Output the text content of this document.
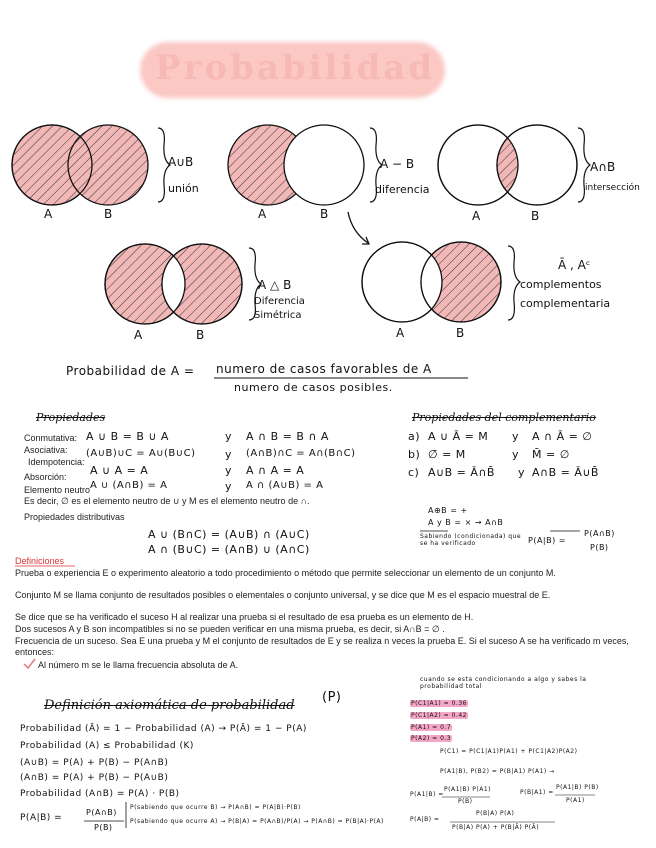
Probabilidad
A	B
A∪B
unión
A	B
A − B
diferencia
A	B
A∩B
intersección
A	B
A △ B
Diferencia
Simétrica
A	B
Ā , Aᶜ
complementos
complementaria
Probabilidad de A = numero de casos favorables de A
numero de casos posibles.
Propiedades
Conmutativa: A ∪ B = B ∪ A	y A ∩ B = B ∩ A
Asociativa: (A∪B)∪C = A∪(B∪C)	y (A∩B)∩C = A∩(B∩C)
Idempotencia:
A ∪ A = A	y A ∩ A = A
Absorción:
A ∪ (A∩B) = A	y A ∩ (A∪B) = A
Elemento neutro
Es decir, ∅ es el elemento neutro de ∪ y M es el elemento neutro de ∩.
Propiedades distributivas
A ∪ (B∩C) = (A∪B) ∩ (A∪C)
A ∩ (B∪C) = (A∩B) ∪ (A∩C)
Propiedades del complementario
a) A ∪ Ā = M y A ∩ Ā = ∅
b) ∅̄ = M	y M̄ = ∅
c) A∪B = Ā∩B̄ y A∩B = Ā∪B̄
A⊕B = +
A y B = × → A∩B
Sabiendo (condicionada) que se ha verificado	P(A|B) =
P(A∩B)
P(B)
Definiciones
Prueba o experiencia E o experimento aleatorio a todo procedimiento o método que permite seleccionar un elemento de un conjunto M.
Conjunto M se llama conjunto de resultados posibles o elementales o conjunto universal, y se dice que M es el espacio muestral de E.
Se dice que se ha verificado el suceso H al realizar una prueba si el resultado de esa prueba es un elemento de H.
Dos sucesos A y B son incompatibles si no se pueden verificar en una misma prueba, es decir, si A∩B = ∅ .
Frecuencia de un suceso. Sea E una prueba y M el conjunto de resultados de E y se realiza n veces la prueba E. Si el suceso A se ha verificado m veces, entonces:
Al número m se le llama frecuencia absoluta de A.
Definición axiomática de probabilidad
(P)
Probabilidad (Ā) = 1 − Probabilidad (A) → P(Ā) = 1 − P(A)
Probabilidad (A) ≤ Probabilidad (K)
(A∪B) = P(A) + P(B) − P(A∩B)
(A∩B) = P(A) + P(B) − P(A∪B)
Probabilidad (A∩B) = P(A) · P(B)
P(A|B) =
P(A∩B)
P(B)
P(sabiendo que ocurre B) → P(A∩B) = P(A|B)·P(B)
P(sabiendo que ocurre A) → P(B|A) = P(A∩B)/P(A) → P(A∩B) = P(B|A)·P(A)
cuando se esta condicionando a algo y sabes la probabilidad total
P(C1|A1) = 0.36
P(C1|A2) = 0.42
P(A1) = 0.7
P(A2) = 0.3
P(C1) = P(C1|A1)P(A1) + P(C1|A2)P(A2)
P(A1|B), P(B2) = P(B|A1) P(A1) →
P(A1|B) =
P(A1|B) P(A1)
P(B)
P(B|A1) =
P(A1|B) P(B)
P(A1)
P(A|B) =
P(B|A) P(A)
P(B|A) P(A) + P(B|Ā) P(Ā)
